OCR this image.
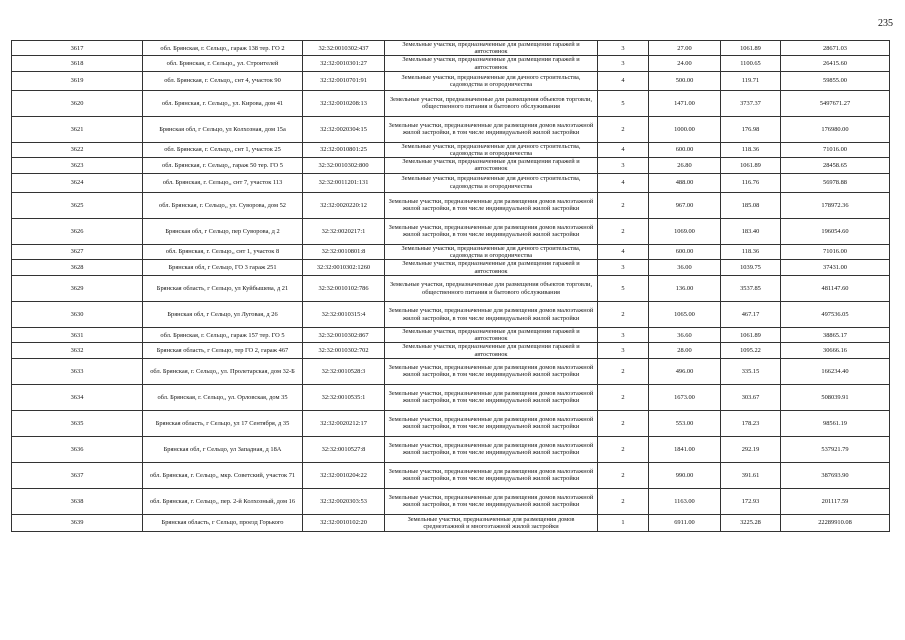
235
3617	обл. Брянская, г. Сельцо,, гараж 138 тер. ГО 2	32:32:0010302:437	Земельные участки, предназначенные для размещения гаражей и автостоянок	3	27.00	1061.89	28671.03
3618	обл. Брянская, г. Сельцо,, ул. Строителей	32:32:0010301:27	Земельные участки, предназначенные для размещения гаражей и автостоянок	3	24.00	1100.65	26415.60
3619	обл. Брянская, г. Сельцо,, снт 4, участок 90	32:32:0010701:91	Земельные участки, предназначенные для дачного строительства, садоводства и огородничества	4	500.00	119.71	59855.00
3620	обл. Брянская, г. Сельцо,, ул. Кирова, дом 41	32:32:0010208:13	Земельные участки, предназначенные для размещения объектов торговли, общественного питания и бытового обслуживания	5	1471.00	3737.37	5497671.27
3621	Брянская обл, г Сельцо, ул Колхозная, дом 15а	32:32:0020304:15	Земельные участки, предназначенные для размещения домов малоэтажной жилой застройки, в том числе индивидуальной жилой застройки	2	1000.00	176.98	176980.00
3622	обл. Брянская, г. Сельцо,, снт 1, участок 25	32:32:0010801:25	Земельные участки, предназначенные для дачного строительства, садоводства и огородничества	4	600.00	118.36	71016.00
3623	обл. Брянская, г. Сельцо,, гараж 50 тер. ГО 5	32:32:0010302:800	Земельные участки, предназначенные для размещения гаражей и автостоянок	3	26.80	1061.89	28458.65
3624	обл. Брянская, г. Сельцо,, снт 7, участок 113	32:32:0011201:131	Земельные участки, предназначенные для дачного строительства, садоводства и огородничества	4	488.00	116.76	56978.88
3625	обл. Брянская, г. Сельцо,, ул. Суворова, дом 52	32:32:0020220:12	Земельные участки, предназначенные для размещения домов малоэтажной жилой застройки, в том числе индивидуальной жилой застройки	2	967.00	185.08	178972.36
3626	Брянская обл, г Сельцо, пер Суворова, д 2	32:32:0020217:1	Земельные участки, предназначенные для размещения домов малоэтажной жилой застройки, в том числе индивидуальной жилой застройки	2	1069.00	183.40	196054.60
3627	обл. Брянская, г. Сельцо,, снт 1, участок 8	32:32:0010801:8	Земельные участки, предназначенные для дачного строительства, садоводства и огородничества	4	600.00	118.36	71016.00
3628	Брянская обл, г Сельцо, ГО 3 гараж 251	32:32:0010302:1260	Земельные участки, предназначенные для размещения гаражей и автостоянок	3	36.00	1039.75	37431.00
3629	Брянская область, г Сельцо, ул Куйбышева, д 21	32:32:0010102:786	Земельные участки, предназначенные для размещения объектов торговли, общественного питания и бытового обслуживания	5	136.00	3537.85	481147.60
3630	Брянская обл, г Сельцо, ул Луговая, д 26	32:32:0010315:4	Земельные участки, предназначенные для размещения домов малоэтажной жилой застройки, в том числе индивидуальной жилой застройки	2	1065.00	467.17	497536.05
3631	обл. Брянская, г. Сельцо,, гараж 157 тер. ГО 5	32:32:0010302:867	Земельные участки, предназначенные для размещения гаражей и автостоянок	3	36.60	1061.89	38865.17
3632	Брянская область, г Сельцо, тер ГО 2, гараж 467	32:32:0010302:702	Земельные участки, предназначенные для размещения гаражей и автостоянок	3	28.00	1095.22	30666.16
3633	обл. Брянская, г. Сельцо,, ул. Пролетарская, дом 32-Б	32:32:0010528:3	Земельные участки, предназначенные для размещения домов малоэтажной жилой застройки, в том числе индивидуальной жилой застройки	2	496.00	335.15	166234.40
3634	обл. Брянская, г. Сельцо,, ул. Орловская, дом 35	32:32:0010535:1	Земельные участки, предназначенные для размещения домов малоэтажной жилой застройки, в том числе индивидуальной жилой застройки	2	1673.00	303.67	508039.91
3635	Брянская область, г Сельцо, ул 17 Сентября, д 35	32:32:0020212:17	Земельные участки, предназначенные для размещения домов малоэтажной жилой застройки, в том числе индивидуальной жилой застройки	2	553.00	178.23	98561.19
3636	Брянская обл, г Сельцо, ул Западная, д 18А	32:32:0010527:8	Земельные участки, предназначенные для размещения домов малоэтажной жилой застройки, в том числе индивидуальной жилой застройки	2	1841.00	292.19	537921.79
3637	обл. Брянская, г. Сельцо,, мкр. Советский, участок 71	32:32:0010204:22	Земельные участки, предназначенные для размещения домов малоэтажной жилой застройки, в том числе индивидуальной жилой застройки	2	990.00	391.61	387693.90
3638	обл. Брянская, г. Сельцо,, пер. 2-й Колхозный, дом 16	32:32:0020303:53	Земельные участки, предназначенные для размещения домов малоэтажной жилой застройки, в том числе индивидуальной жилой застройки	2	1163.00	172.93	201117.59
3639	Брянская область, г Сельцо, проезд Горького	32:32:0010102:20	Земельные участки, предназначенные для размещения домов среднеэтажной и многоэтажной жилой застройки	1	6911.00	3225.28	22289910.08
